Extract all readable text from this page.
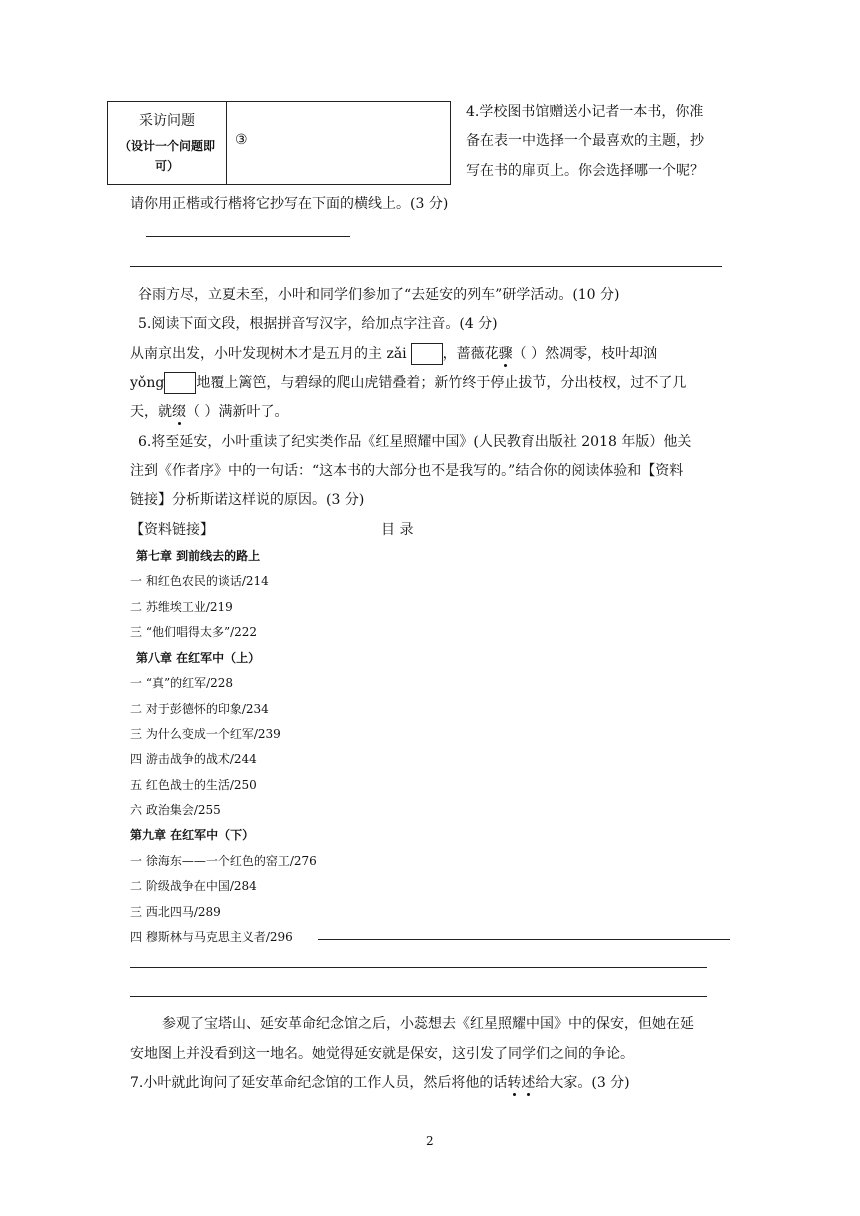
采访问题
（设计一个问题即
可）

③
4.学校图书馆赠送小记者一本书，你准
备在表一中选择一个最喜欢的主题，抄
写在书的扉页上。你会选择哪一个呢？
请你用正楷或行楷将它抄写在下面的横线上。(3 分)
谷雨方尽，立夏未至，小叶和同学们参加了“去延安的列车”研学活动。(10 分)
5.阅读下面文段，根据拼音写汉字，给加点字注音。(4 分)
从南京出发，小叶发现树木才是五月的主 zǎi	，蔷薇花骤（ ）然凋零，枝叶却汹
yǒng 地覆上篱笆，与碧绿的爬山虎错叠着；新竹终于停止拔节，分出枝杈，过不了几
天，就缀（ ）满新叶了。
6.将至延安，小叶重读了纪实类作品《红星照耀中国》(人民教育出版社 2018 年版）他关
注到《作者序》中的一句话：“这本书的大部分也不是我写的。”结合你的阅读体验和【资料
链接】分析斯诺这样说的原因。(3 分)
【资料链接】	目 录
第七章 到前线去的路上
一 和红色农民的谈话/214
二 苏维埃工业/219
三 “他们唱得太多”/222
第八章 在红军中（上）
一 “真”的红军/228
二 对于彭德怀的印象/234
三 为什么变成一个红军/239
四 游击战争的战术/244
五 红色战士的生活/250
六 政治集会/255
第九章 在红军中（下）
一 徐海东——一个红色的窑工/276
二 阶级战争在中国/284
三 西北四马/289
四 穆斯林与马克思主义者/296
参观了宝塔山、延安革命纪念馆之后，小蕊想去《红星照耀中国》中的保安，但她在延
安地图上并没看到这一地名。她觉得延安就是保安，这引发了同学们之间的争论。
7.小叶就此询问了延安革命纪念馆的工作人员，然后将他的话转述给大家。(3 分)
2
